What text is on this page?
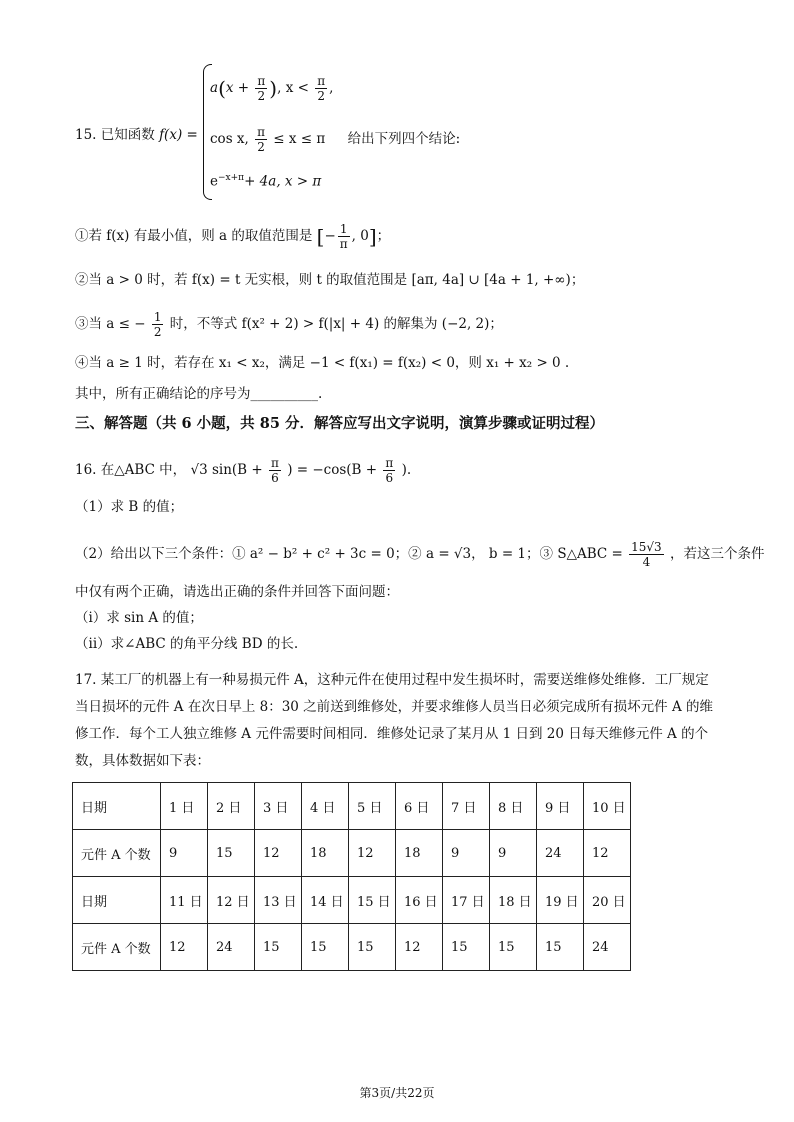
15. 已知函数 f(x) =
$a(x + \frac{\pi}{2}$ ), $x < \frac{\pi}{2}$ ,
cos x, $\frac{\pi}{2} \le x \le \pi$ 给出下列四个结论:
$e^{-x+\pi}+ 4a$, x > π
①若 f(x) 有最小值，则 a 的取值范围是 [− $\frac{1}{\pi}$ , 0]；
②当 a > 0 时，若 f(x) = t 无实根，则 t 的取值范围是 [aπ, 4a] ∪ [4a + 1, +∞)；
③当 a ≤ − $\frac{1}{2}$ 时，不等式 f(x² + 2) > f(|x| + 4) 的解集为 (−2, 2)；
④当 a ≥ 1 时，若存在 x₁ < x₂，满足 −1 < f(x₁) = f(x₂) < 0，则 x₁ + x₂ > 0 .
其中，所有正确结论的序号为__________.
三、解答题（共 6 小题，共 85 分．解答应写出文字说明，演算步骤或证明过程）
16. 在△ABC 中， √3 $\sin(B + \frac{\pi}{6}$ ) = $-\cos(B + \frac{\pi}{6}$ ).
（1）求 B 的值；
（2）给出以下三个条件：① a² − b² + c² + 3c = 0；② a = √3， b = 1；③ S△ABC = $\frac{15√3}{4}$ ，若这三个条件
中仅有两个正确，请选出正确的条件并回答下面问题：
（i）求 sin A 的值；
（ii）求∠ABC 的角平分线 BD 的长.
17. 某工厂的机器上有一种易损元件 A，这种元件在使用过程中发生损坏时，需要送维修处维修．工厂规定
当日损坏的元件 A 在次日早上 8：30 之前送到维修处，并要求维修人员当日必须完成所有损坏元件 A 的维
修工作．每个工人独立维修 A 元件需要时间相同．维修处记录了某月从 1 日到 20 日每天维修元件 A 的个
数，具体数据如下表：
日期	1 日	2 日	3 日	4 日	5 日	6 日	7 日	8 日	9 日	10 日
元件 A 个数	9	15	12	18	12	18	9	9	24	12
日期	11 日	12 日	13 日	14 日	15 日	16 日	17 日	18 日	19 日	20 日
元件 A 个数	12	24	15	15	15	12	15	15	15	24
第3页/共22页
